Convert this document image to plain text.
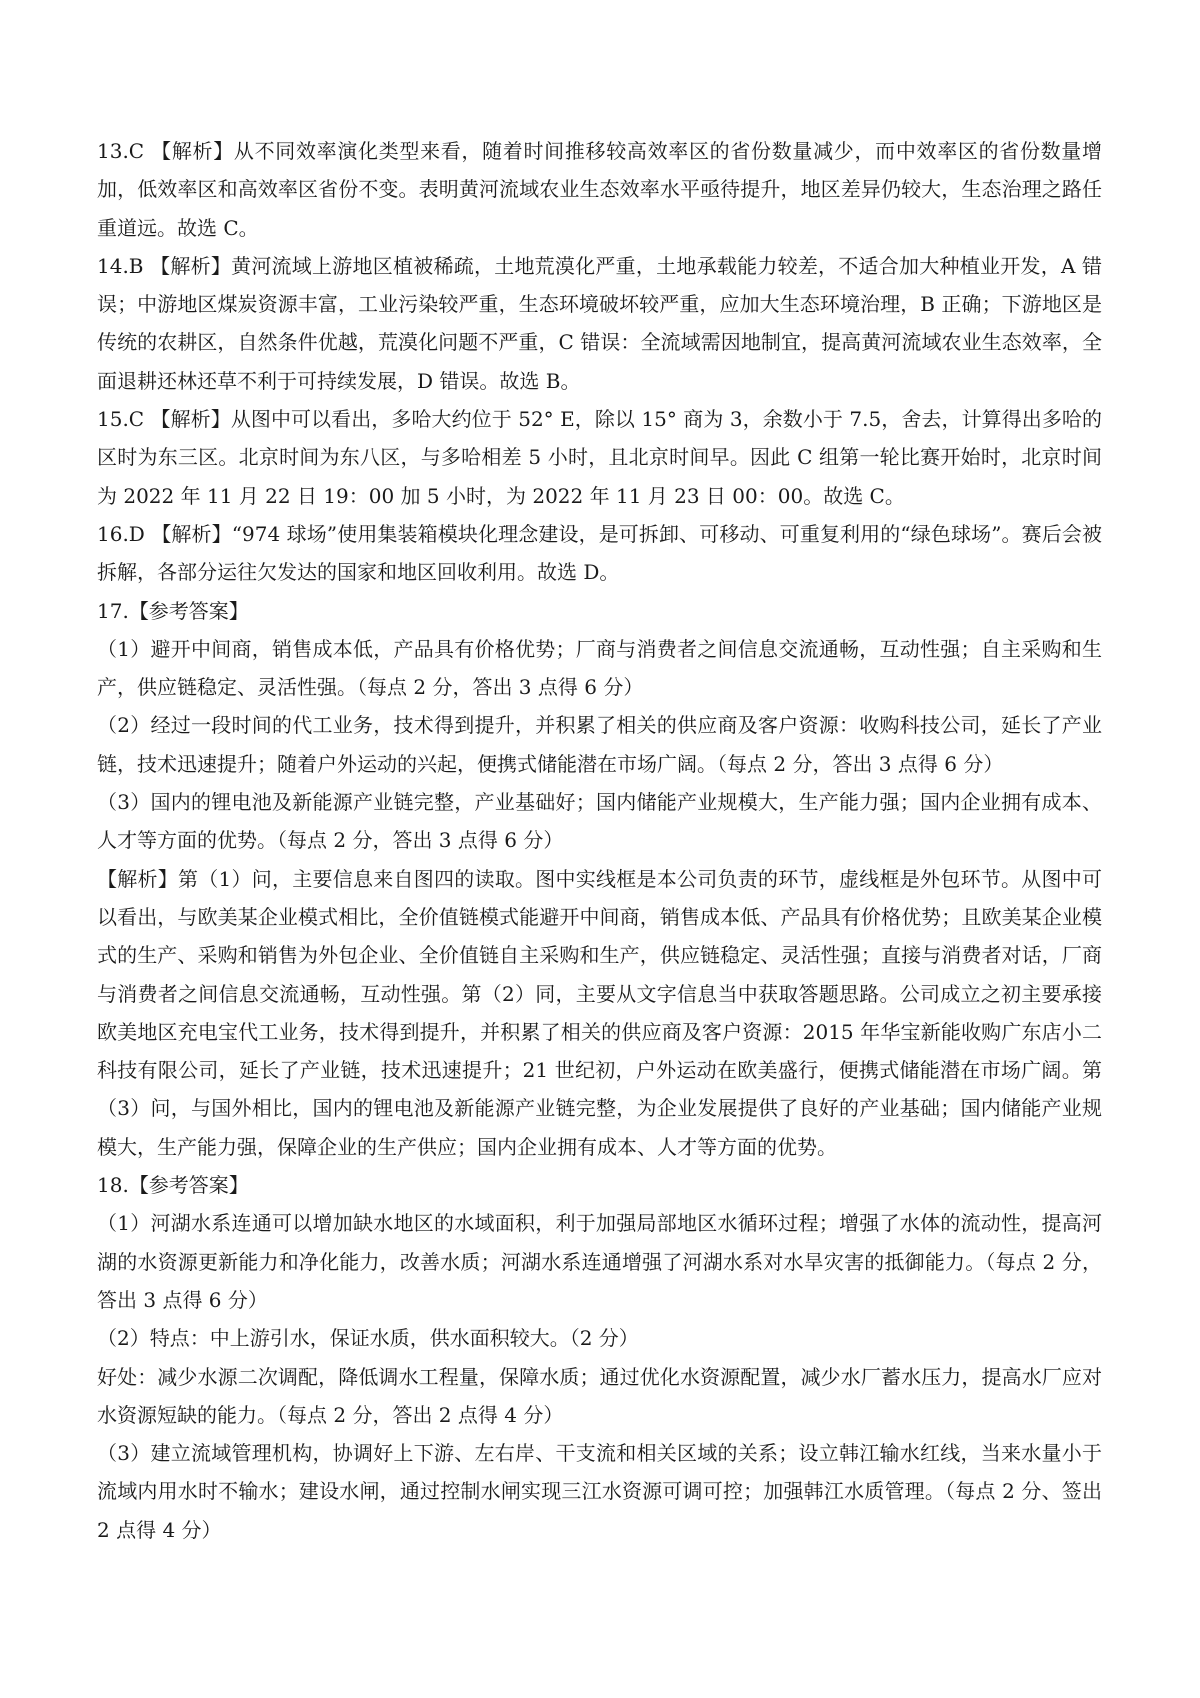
13.C 【解析】从不同效率演化类型来看，随着时间推移较高效率区的省份数量减少，而中效率区的省份数量增加，低效率区和高效率区省份不变。表明黄河流域农业生态效率水平亟待提升，地区差异仍较大，生态治理之路任重道远。故选 C。

14.B 【解析】黄河流域上游地区植被稀疏，土地荒漠化严重，土地承载能力较差，不适合加大种植业开发，A 错误；中游地区煤炭资源丰富，工业污染较严重，生态环境破坏较严重，应加大生态环境治理，B 正确；下游地区是传统的农耕区，自然条件优越，荒漠化问题不严重，C 错误：全流域需因地制宜，提高黄河流域农业生态效率，全面退耕还林还草不利于可持续发展，D 错误。故选 B。

15.C 【解析】从图中可以看出，多哈大约位于 52° E，除以 15° 商为 3，余数小于 7.5，舍去，计算得出多哈的区时为东三区。北京时间为东八区，与多哈相差 5 小时，且北京时间早。因此 C 组第一轮比赛开始时，北京时间为 2022 年 11 月 22 日 19：00 加 5 小时，为 2022 年 11 月 23 日 00：00。故选 C。

16.D 【解析】“974 球场”使用集装箱模块化理念建设，是可拆卸、可移动、可重复利用的“绿色球场”。赛后会被拆解，各部分运往欠发达的国家和地区回收利用。故选 D。

17.【参考答案】

（1）避开中间商，销售成本低，产品具有价格优势；厂商与消费者之间信息交流通畅，互动性强；自主采购和生产，供应链稳定、灵活性强。（每点 2 分，答出 3 点得 6 分）

（2）经过一段时间的代工业务，技术得到提升，并积累了相关的供应商及客户资源：收购科技公司，延长了产业链，技术迅速提升；随着户外运动的兴起，便携式储能潜在市场广阔。（每点 2 分，答出 3 点得 6 分）

（3）国内的锂电池及新能源产业链完整，产业基础好；国内储能产业规模大，生产能力强；国内企业拥有成本、人才等方面的优势。（每点 2 分，答出 3 点得 6 分）

【解析】第（1）问，主要信息来自图四的读取。图中实线框是本公司负责的环节，虚线框是外包环节。从图中可以看出，与欧美某企业模式相比，全价值链模式能避开中间商，销售成本低、产品具有价格优势；且欧美某企业模式的生产、采购和销售为外包企业、全价值链自主采购和生产，供应链稳定、灵活性强；直接与消费者对话，厂商与消费者之间信息交流通畅，互动性强。第（2）同，主要从文字信息当中获取答题思路。公司成立之初主要承接欧美地区充电宝代工业务，技术得到提升，并积累了相关的供应商及客户资源：2015 年华宝新能收购广东店小二科技有限公司，延长了产业链，技术迅速提升；21 世纪初，户外运动在欧美盛行，便携式储能潜在市场广阔。第（3）问，与国外相比，国内的锂电池及新能源产业链完整，为企业发展提供了良好的产业基础；国内储能产业规模大，生产能力强，保障企业的生产供应；国内企业拥有成本、人才等方面的优势。

18.【参考答案】

（1）河湖水系连通可以增加缺水地区的水域面积，利于加强局部地区水循环过程；增强了水体的流动性，提高河湖的水资源更新能力和净化能力，改善水质；河湖水系连通增强了河湖水系对水旱灾害的抵御能力。（每点 2 分，答出 3 点得 6 分）

（2）特点：中上游引水，保证水质，供水面积较大。（2 分）

好处：减少水源二次调配，降低调水工程量，保障水质；通过优化水资源配置，减少水厂蓄水压力，提高水厂应对水资源短缺的能力。（每点 2 分，答出 2 点得 4 分）

（3）建立流域管理机构，协调好上下游、左右岸、干支流和相关区域的关系；设立韩江输水红线，当来水量小于流域内用水时不输水；建设水闸，通过控制水闸实现三江水资源可调可控；加强韩江水质管理。（每点 2 分、签出 2 点得 4 分）
